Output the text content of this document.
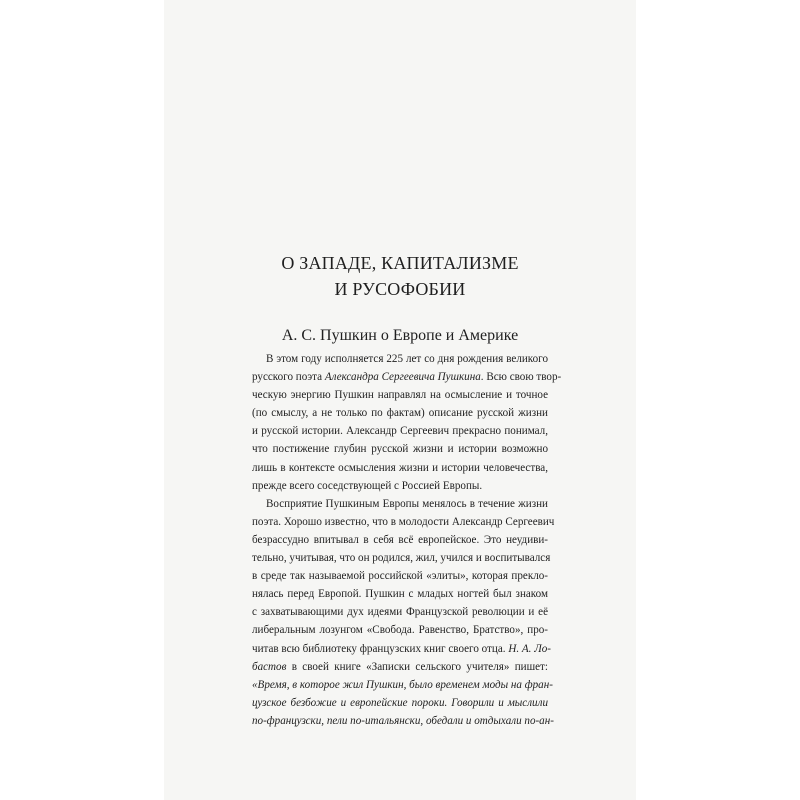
О ЗАПАДЕ, КАПИТАЛИЗМЕ
И РУСОФОБИИ
А. С. Пушкин о Европе и Америке
В этом году исполняется 225 лет со дня рождения великого
русского поэта Александра Сергеевича Пушкина. Всю свою твор-
ческую энергию Пушкин направлял на осмысление и точное
(по смыслу, а не только по фактам) описание русской жизни
и русской истории. Александр Сергеевич прекрасно понимал,
что постижение глубин русской жизни и истории возможно
лишь в контексте осмысления жизни и истории человечества,
прежде всего соседствующей с Россией Европы.
Восприятие Пушкиным Европы менялось в течение жизни
поэта. Хорошо известно, что в молодости Александр Сергеевич
безрассудно впитывал в себя всё европейское. Это неудиви-
тельно, учитывая, что он родился, жил, учился и воспитывался
в среде так называемой российской «элиты», которая прекло-
нялась перед Европой. Пушкин с младых ногтей был знаком
с захватывающими дух идеями Французской революции и её
либеральным лозунгом «Свобода. Равенство, Братство», про-
читав всю библиотеку французских книг своего отца. Н. А. Ло-
бастов в своей книге «Записки сельского учителя» пишет:
«Время, в которое жил Пушкин, было временем моды на фран-
цузское безбожие и европейские пороки. Говорили и мыслили
по-французски, пели по-итальянски, обедали и отдыхали по-ан-
